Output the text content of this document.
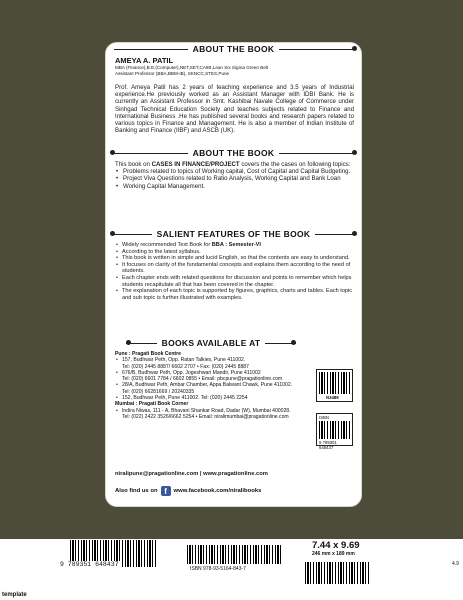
ABOUT THE BOOK
AMEYA A. PATIL
MBA (Finance),B.E.(Computer),NET,SET,CAIIB,Lean Six Sigma Green Belt
Assistant Professor (BBA,BBM-IB), SKNCC,STES,Pune
Prof. Ameya Patil has 2 years of teaching experience and 3.5 years of Industrial experience.He previously worked as an Assistant Manager with IDBI Bank. He is currently an Assistant Professor in Smt. Kashibai Navale College of Commerce under Sinhgad Technical Education Society and teaches subjects related to Finance and International Business .He has published several books and research papers related to various topics in Finance and Management. He is also a member of Indian Institute of Banking and Finance (IIBF) and ASCB (UK).
ABOUT THE BOOK
This book on CASES IN FINANCE/PROJECT covers the the cases on following topics:
• Problems related to topics of Working capital, Cost of Capital and Capital Budgeting.
• Project Viva Questions related to Ratio Analysis, Working Capital and Bank Loan
• Working Capital Management.
SALIENT FEATURES OF THE BOOK
• Widely recommended Text Book for BBA : Semester-VI
• According to the latest syllabus.
• This book is written in simple and lucid English, so that the contents are easy to understand.
• It focuses on clarity of the fundamental concepts and explains them according to the need of students.
• Each chapter ends with related questions for discussion and points to remember which helps students recapitulate all that has been covered in the chapter.
• The explanation of each topic is supported by figures, graphics, charts and tables. Each topic and sub topic is further illustrated with examples.
BOOKS AVAILABLE AT
Pune : Pragati Book Centre
• 157, Budhwar Peth, Opp. Ratan Talkies, Pune 411002.
Tel: (020) 2445 8887/ 6602 2707 • Fax: (020) 2445 8887
• 676/B, Budhwar Peth, Opp. Jogeshwari Mandir, Pune 411002
Tel: (020) 6601 7784 / 6602 0855 • Email: pbcpune@pragationline.com
• 28/A, Budhwar Peth, Ambar Chamber, Appa Balwant Chawk, Pune 411002.
Tel: (020) 66281669 / 20240335
• 152, Budhwar Peth, Pune 411002. Tel: (020) 2445 2254
Mumbai : Pragati Book Corner
• Indira Niwas, 111 - A, Bhavani Shankar Road, Dadar (W), Mumbai 400028.
Tel: (022) 2422 3526/6662 5254 • Email: niralimumbai@pragationline.com
niralipune@pragationline.com | www.pragationline.com
Also find us on f	www.facebook.com/niralibooks
N3489
ISBN
9 789351 648437
9 789351 648437
ISBN 978-93-5164-843-7
7.44 x 9.69
246 mm x 189 mm
4.9
template
